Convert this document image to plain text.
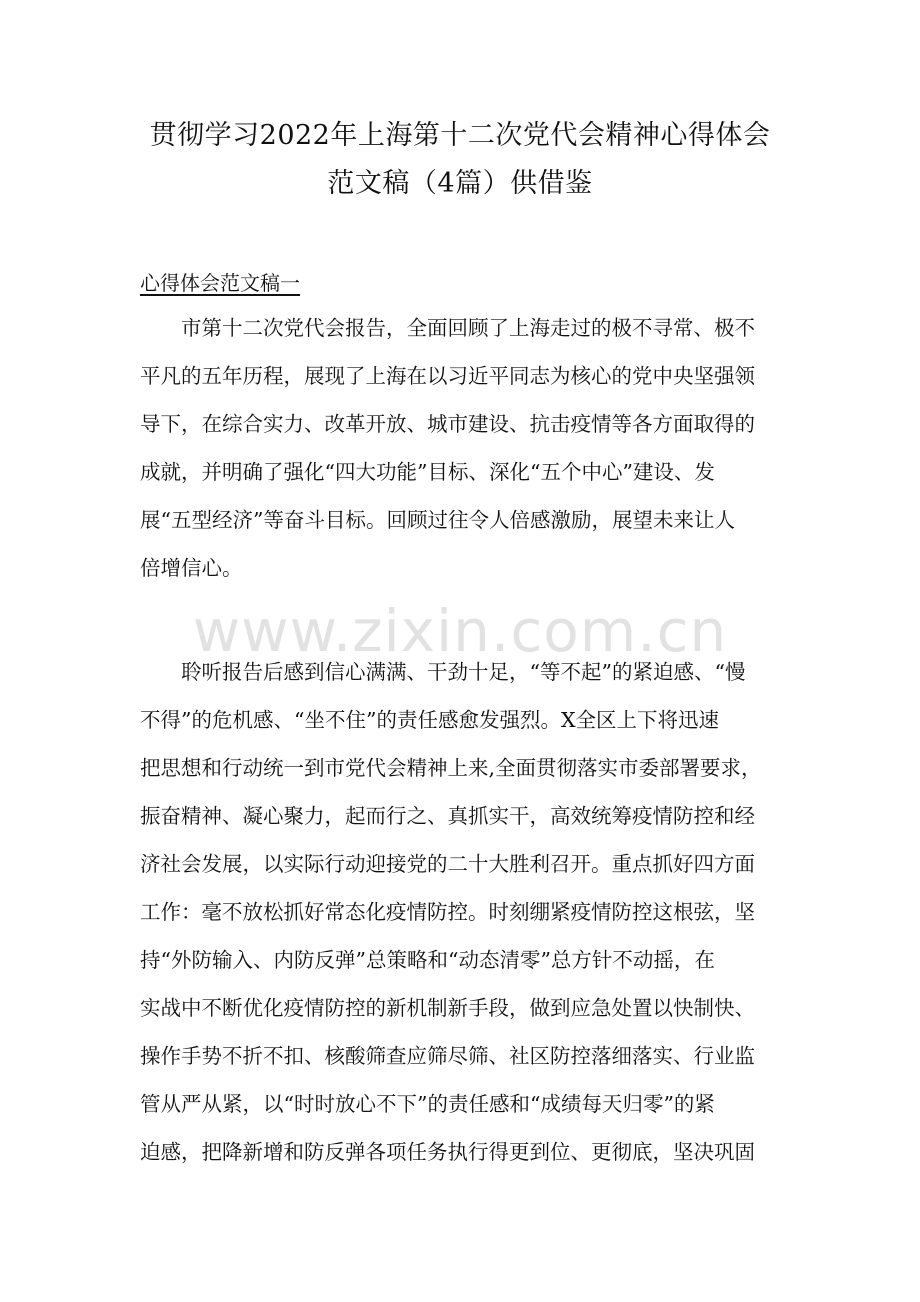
贯彻学习2022年上海第十二次党代会精神心得体会
范文稿（4篇）供借鉴
心得体会范文稿一
　　市第十二次党代会报告，全面回顾了上海走过的极不寻常、极不
平凡的五年历程，展现了上海在以习近平同志为核心的党中央坚强领
导下，在综合实力、改革开放、城市建设、抗击疫情等各方面取得的
成就，并明确了强化“四大功能”目标、深化“五个中心”建设、发
展“五型经济”等奋斗目标。回顾过往令人倍感激励，展望未来让人
倍增信心。
www.zixin.com.cn
　　聆听报告后感到信心满满、干劲十足，“等不起”的紧迫感、“慢
不得”的危机感、“坐不住”的责任感愈发强烈。X全区上下将迅速
把思想和行动统一到市党代会精神上来,全面贯彻落实市委部署要求，
振奋精神、凝心聚力，起而行之、真抓实干，高效统筹疫情防控和经
济社会发展，以实际行动迎接党的二十大胜利召开。重点抓好四方面
工作：毫不放松抓好常态化疫情防控。时刻绷紧疫情防控这根弦，坚
持“外防输入、内防反弹”总策略和“动态清零”总方针不动摇，在
实战中不断优化疫情防控的新机制新手段，做到应急处置以快制快、
操作手势不折不扣、核酸筛查应筛尽筛、社区防控落细落实、行业监
管从严从紧，以“时时放心不下”的责任感和“成绩每天归零”的紧
迫感，把降新增和防反弹各项任务执行得更到位、更彻底，坚决巩固
